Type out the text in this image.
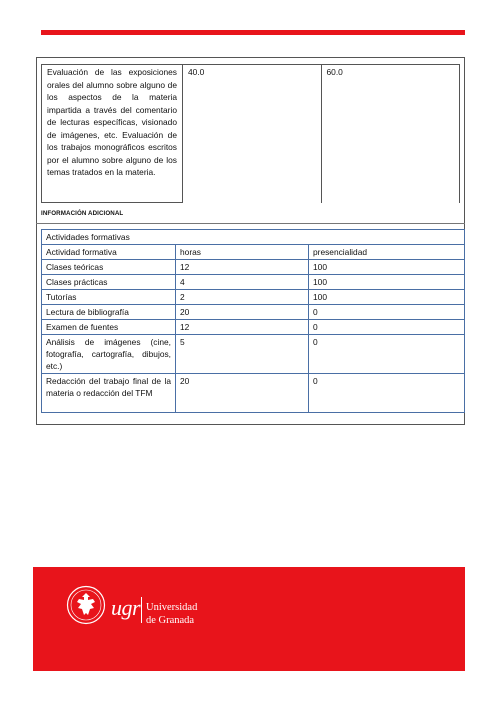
Evaluación de las exposiciones orales del alumno sobre alguno de los aspectos de la materia impartida a través del comentario de lecturas específicas, visionado de imágenes, etc. Evaluación de los trabajos monográficos escritos por el alumno sobre alguno de los temas tratados en la materia.	40.0	60.0
INFORMACIÓN ADICIONAL
Actividades formativas		
Actividad formativa	horas	presencialidad
Clases teóricas	12	100
Clases prácticas	4	100
Tutorías	2	100
Lectura de bibliografía	20	0
Examen de fuentes	12	0
Análisis de imágenes (cine, fotografía, cartografía, dibujos, etc.)	5	0
Redacción del trabajo final de la materia o redacción del TFM	20	0
ugr Universidad
de Granada
